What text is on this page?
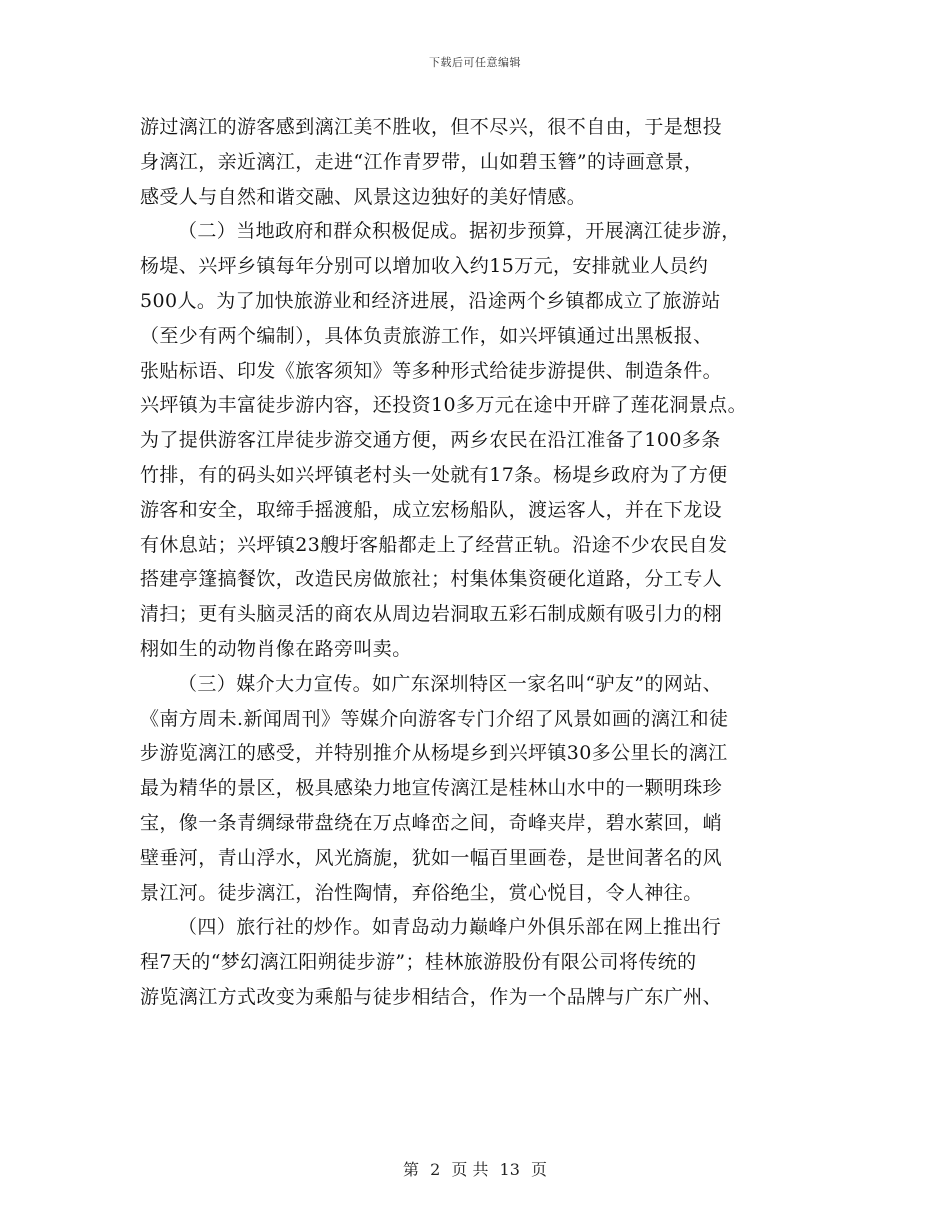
下载后可任意编辑
游过漓江的游客感到漓江美不胜收，但不尽兴，很不自由，于是想投
身漓江，亲近漓江，走进“江作青罗带，山如碧玉簪”的诗画意景，
感受人与自然和谐交融、风景这边独好的美好情感。
（二）当地政府和群众积极促成。据初步预算，开展漓江徒步游，
杨堤、兴坪乡镇每年分别可以增加收入约15万元，安排就业人员约
500人。为了加快旅游业和经济进展，沿途两个乡镇都成立了旅游站
（至少有两个编制），具体负责旅游工作，如兴坪镇通过出黑板报、
张贴标语、印发《旅客须知》等多种形式给徒步游提供、制造条件。
兴坪镇为丰富徒步游内容，还投资10多万元在途中开辟了莲花洞景点。
为了提供游客江岸徒步游交通方便，两乡农民在沿江准备了100多条
竹排，有的码头如兴坪镇老村头一处就有17条。杨堤乡政府为了方便
游客和安全，取缔手摇渡船，成立宏杨船队，渡运客人，并在下龙设
有休息站；兴坪镇23艘圩客船都走上了经营正轨。沿途不少农民自发
搭建亭篷搞餐饮，改造民房做旅社；村集体集资硬化道路，分工专人
清扫；更有头脑灵活的商农从周边岩洞取五彩石制成颇有吸引力的栩
栩如生的动物肖像在路旁叫卖。
（三）媒介大力宣传。如广东深圳特区一家名叫“驴友”的网站、
《南方周未.新闻周刊》等媒介向游客专门介绍了风景如画的漓江和徒
步游览漓江的感受，并特别推介从杨堤乡到兴坪镇30多公里长的漓江
最为精华的景区，极具感染力地宣传漓江是桂林山水中的一颗明珠珍
宝，像一条青绸绿带盘绕在万点峰峦之间，奇峰夹岸，碧水萦回，峭
壁垂河，青山浮水，风光旖旎，犹如一幅百里画卷，是世间著名的风
景江河。徒步漓江，治性陶情，弃俗绝尘，赏心悦目，令人神往。
（四）旅行社的炒作。如青岛动力巅峰户外俱乐部在网上推出行
程7天的“梦幻漓江阳朔徒步游”；桂林旅游股份有限公司将传统的
游览漓江方式改变为乘船与徒步相结合，作为一个品牌与广东广州、
第 2 页 共 13 页
